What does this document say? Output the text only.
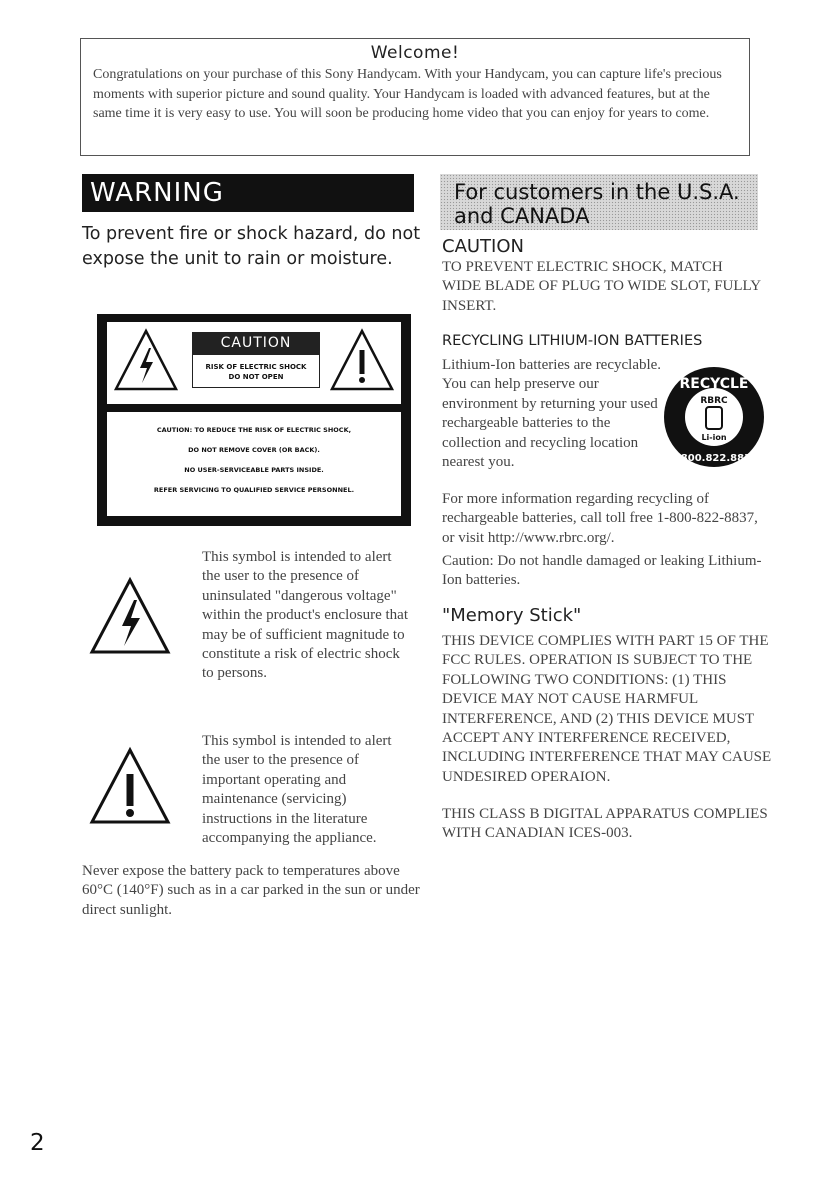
Welcome!

Congratulations on your purchase of this Sony Handycam. With your Handycam, you can capture life's precious moments with superior picture and sound quality. Your Handycam is loaded with advanced features, but at the same time it is very easy to use. You will soon be producing home video that you can enjoy for years to come.

WARNING
To prevent fire or shock hazard, do not expose the unit to rain or moisture.
CAUTION
RISK OF ELECTRIC SHOCK
DO NOT OPEN
CAUTION: TO REDUCE THE RISK OF ELECTRIC SHOCK,
DO NOT REMOVE COVER (OR BACK).
NO USER-SERVICEABLE PARTS INSIDE.
REFER SERVICING TO QUALIFIED SERVICE PERSONNEL.

This symbol is intended to alert the user to the presence of uninsulated "dangerous voltage" within the product's enclosure that may be of sufficient magnitude to constitute a risk of electric shock to persons.

This symbol is intended to alert the user to the presence of important operating and maintenance (servicing) instructions in the literature accompanying the appliance.

Never expose the battery pack to temperatures above 60°C (140°F) such as in a car parked in the sun or under direct sunlight.

For customers in the U.S.A. and CANADA
CAUTION

TO PREVENT ELECTRIC SHOCK, MATCH WIDE BLADE OF PLUG TO WIDE SLOT, FULLY INSERT.

RECYCLING LITHIUM-ION BATTERIES

Lithium-Ion batteries are recyclable. You can help preserve our environment by returning your used rechargeable batteries to the collection and recycling location nearest you.

RECYCLE
RBRC
Li-ion
1.800.822.8837

For more information regarding recycling of rechargeable batteries, call toll free 1-800-822-8837, or visit http://www.rbrc.org/.

Caution: Do not handle damaged or leaking Lithium-Ion batteries.

"Memory Stick"

THIS DEVICE COMPLIES WITH PART 15 OF THE FCC RULES. OPERATION IS SUBJECT TO THE FOLLOWING TWO CONDITIONS: (1) THIS DEVICE MAY NOT CAUSE HARMFUL INTERFERENCE, AND (2) THIS DEVICE MUST ACCEPT ANY INTERFERENCE RECEIVED, INCLUDING INTERFERENCE THAT MAY CAUSE UNDESIRED OPERAION.

THIS CLASS B DIGITAL APPARATUS COMPLIES WITH CANADIAN ICES-003.

2
